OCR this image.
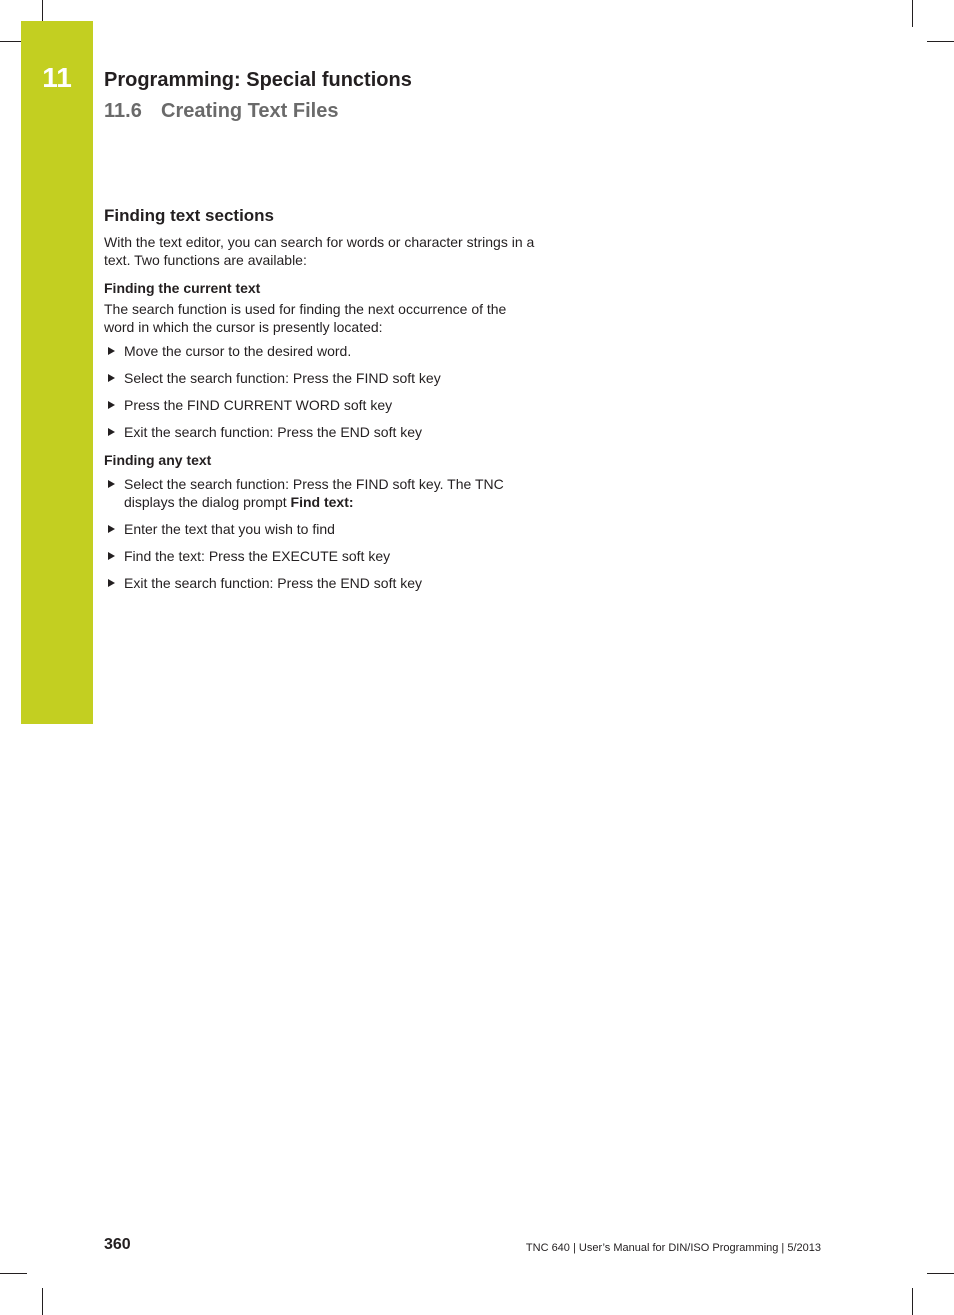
11	Programming: Special functions
11.6 Creating Text Files
Finding text sections
With the text editor, you can search for words or character strings in a text. Two functions are available:
Finding the current text
The search function is used for finding the next occurrence of the word in which the cursor is presently located:
Move the cursor to the desired word.
Select the search function: Press the FIND soft key
Press the FIND CURRENT WORD soft key
Exit the search function: Press the END soft key
Finding any text
Select the search function: Press the FIND soft key. The TNC displays the dialog prompt Find text:
Enter the text that you wish to find
Find the text: Press the EXECUTE soft key
Exit the search function: Press the END soft key
360	TNC 640 | User’s Manual for DIN/ISO Programming | 5/2013
